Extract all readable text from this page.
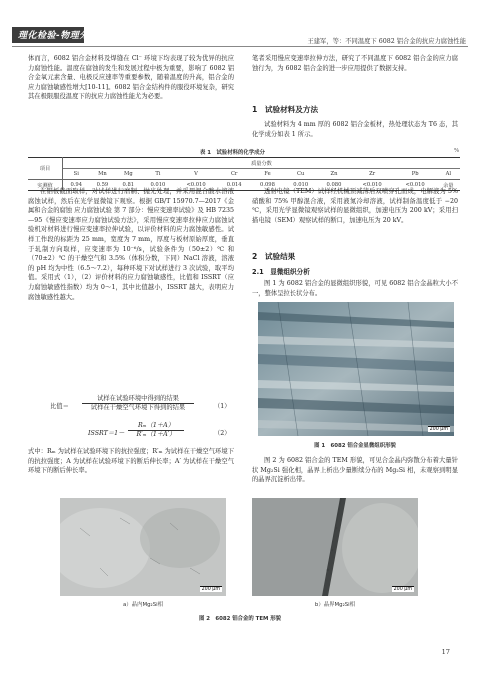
理化检验-物理分册
王建军，等：不同温度下 6082 铝合金的抗应力腐蚀性能
体而言，6082 铝合金材料及焊缝在 Cl⁻ 环境下均表现了较为优异的抗应力腐蚀性能。温度在腐蚀的发生和发展过程中极为重要，影响了 6082 铝合金氧元素含量、电极反应速率等重要参数，随着温度的升高，铝合金的应力腐蚀敏感性增大[10-11]。6082 铝合金结构件的服役环境复杂，研究其在极限服役温度下的抗应力腐蚀性能尤为必要。
笔者采用慢应变速率拉伸方法，研究了不同温度下 6082 铝合金的应力腐蚀行为，为 6082 铝合金的进一步应用提供了数据支持。
1　试验材料及方法
试验材料为 4 mm 厚的 6082 铝合金板材，热处理状态为 T6 态，其化学成分如表 1 所示。
表 1　试验材料的化学成分	%
项目	质量分数											
	Si	Mn	Mg	Ti	V	Cr	Fe	Cu	Zn	Zr	Pb	Al
实测值	0.94	0.59	0.81	0.010	<0.010	0.014	0.098	0.010	0.080	<0.010	<0.010	余量
在铝板截面取样，对试样进行磨制、抛光处理，并采用混合酸水溶液腐蚀试样，然后在光学显微镜下观察。根据 GB/T 15970.7—2017《金属和合金的腐蚀 应力腐蚀试验 第 7 部分：慢应变速率试验》及 HB 7235—95《慢应变速率应力腐蚀试验方法》，采用慢应变速率拉伸应力腐蚀试验机对材料进行慢应变速率拉伸试验，以评价材料的应力腐蚀敏感性。试样工作段的标距为 25 mm，宽度为 7 mm，厚度与板材原始厚度，垂直于轧制方向取样，应变速率为 10⁻⁶/s，试验条件为（50±2）℃ 和（70±2）℃ 的干燥空气和 3.5%（体积分数，下同）NaCl 溶液，溶液的 pH 均为中性（6.5～7.2），每种环境下对试样进行 3 次试验，取平均值。采用式（1），（2）评价材料的应力腐蚀敏感性，比值和 ISSRT（应力腐蚀敏感性指数）均为 0～1，其中比值越小，ISSRT 越大，表明应力腐蚀敏感性越大。
比值＝
试样在试验环境中得到的结果
试样在干燥空气环境下得到的结果	（1）
ISSRT＝1－
Rₘ（1＋A）
R′ₘ（1＋A′）	（2）
式中：Rₘ 为试样在试验环境下的抗拉强度；R′ₘ 为试样在干燥空气环境下的抗拉强度；A 为试样在试验环境下的断后伸长率；A′ 为试样在干燥空气环境下的断后伸长率。
透射电镜（TEM）试样经机械预减薄后双喷穿孔而成，电解液为 5% 硝酸和 75% 甲醇混合液，采用液氮冷却溶液，试样制备温度低于 −20 ℃，采用光学显微镜观察试样的显微组织，加速电压为 200 kV；采用扫描电镜（SEM）观察试样的断口，加速电压为 20 kV。
2　试验结果
2.1　显微组织分析
图 1 为 6082 铝合金的显微组织形貌，可见 6082 铝合金晶粒大小不一，整体呈拉长状分布。
200 μm
图 1　6082 铝合金显微组织形貌
图 2 为 6082 铝合金的 TEM 形貌，可见合金晶内弥散分布着大量针状 Mg₂Si 强化相，晶界上析出少量断续分布的 Mg₂Si 相，未观察到明显的晶界沉淀析出带。
200 μm	200 μm
a）晶内Mg₂Si相	b）晶界Mg₂Si相
图 2　6082 铝合金的 TEM 形貌
17
